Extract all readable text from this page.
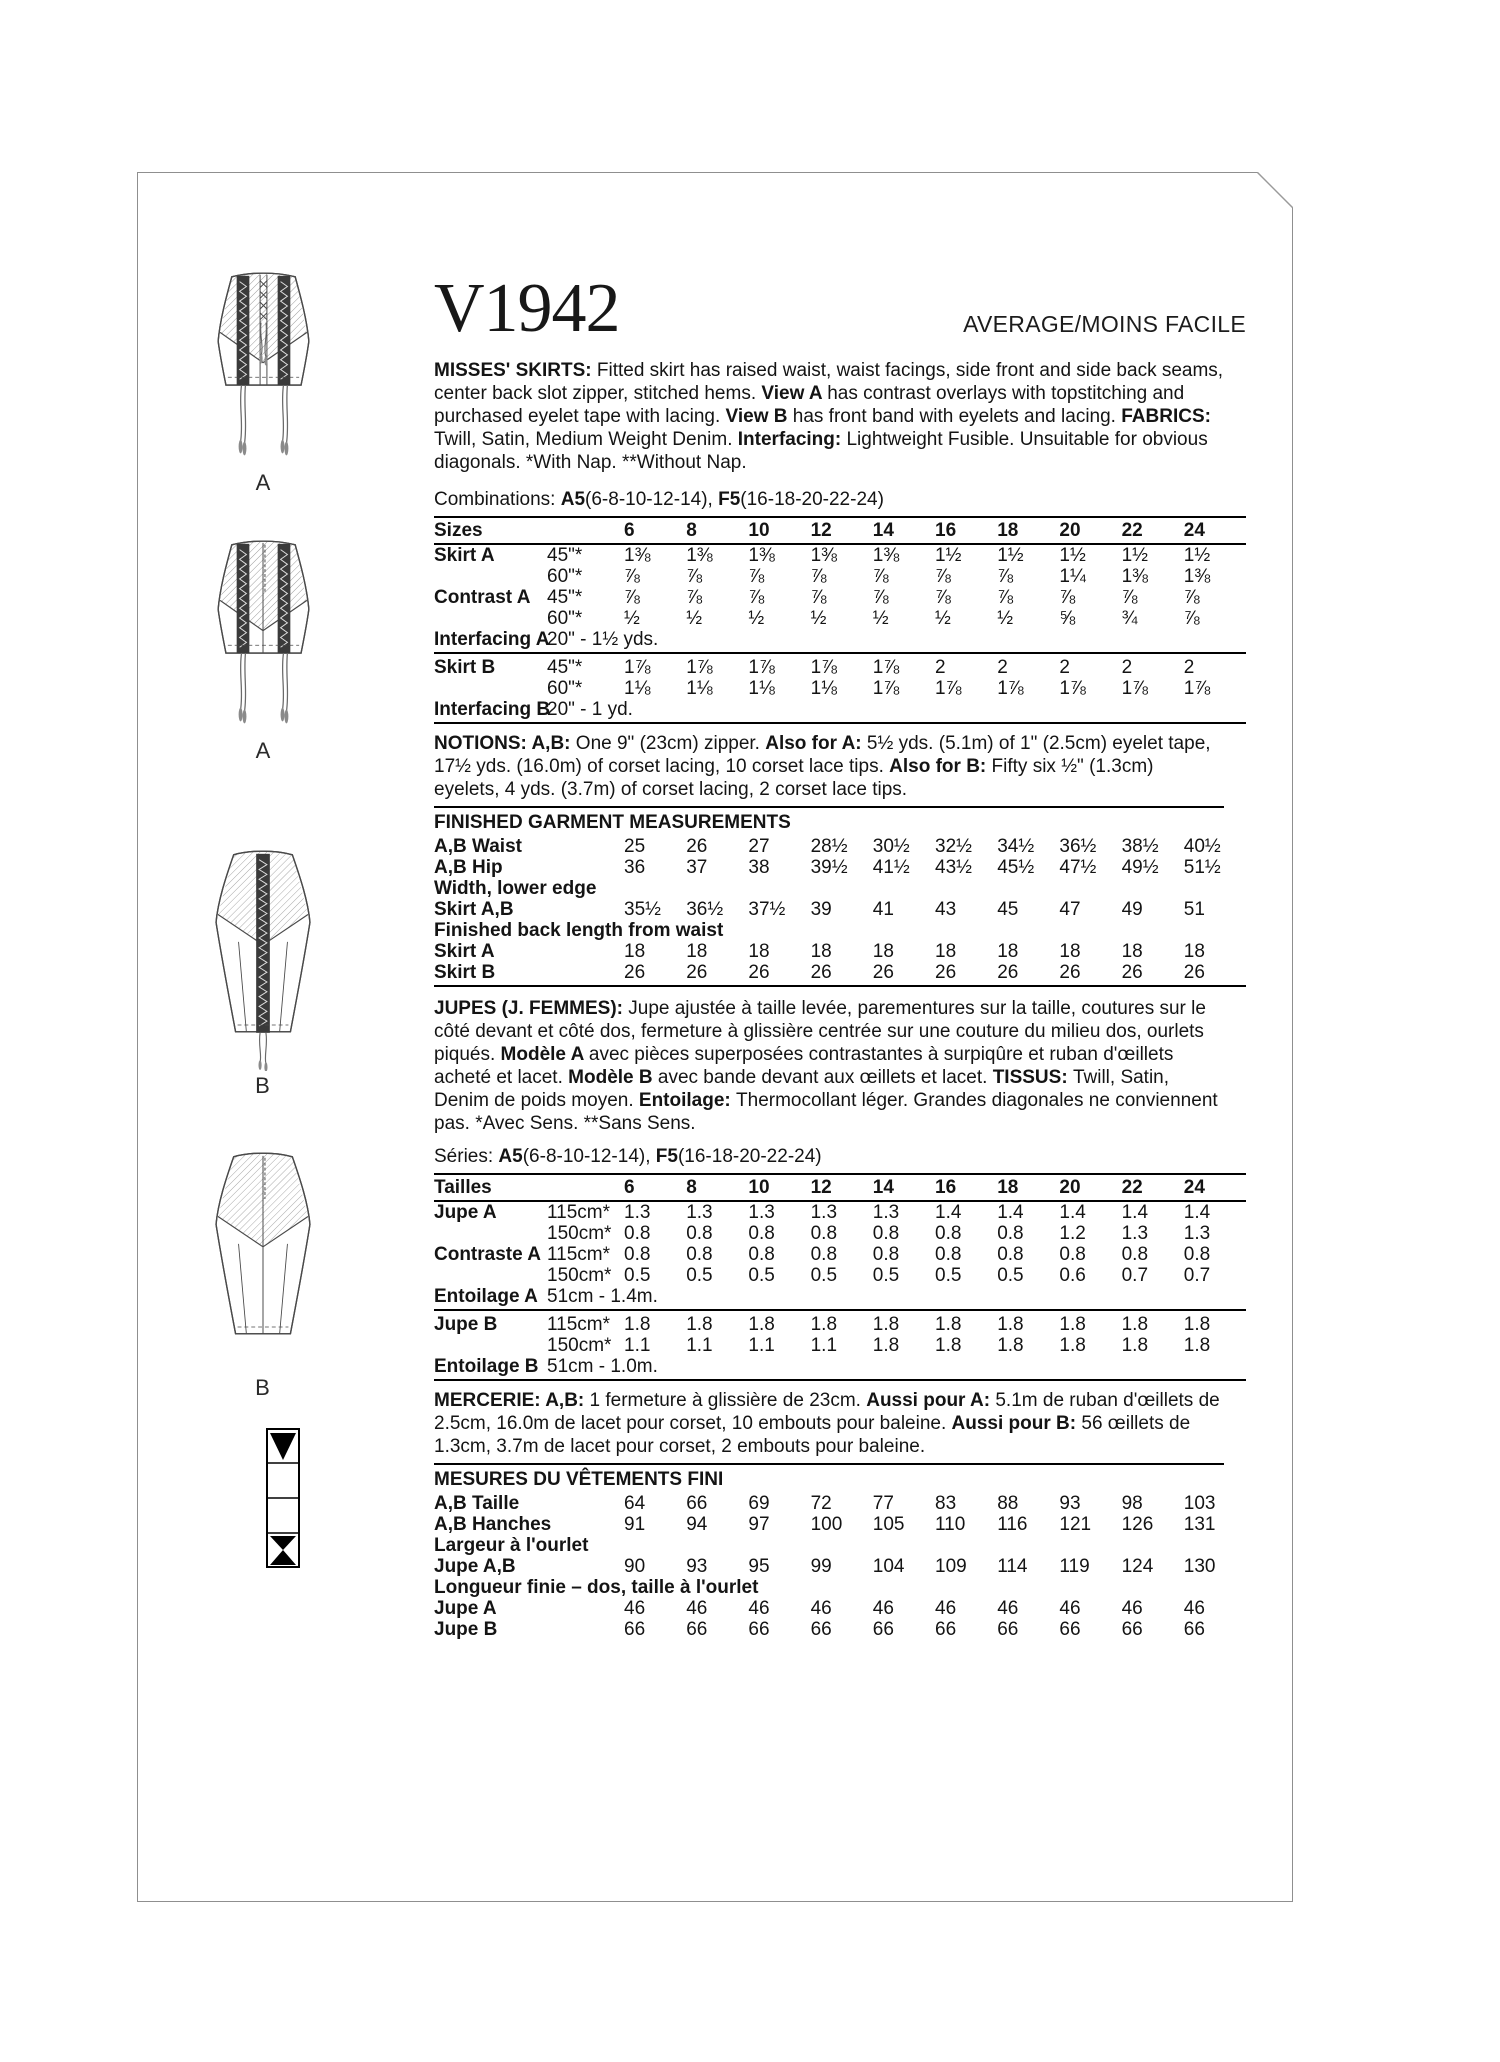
A
A
B
B
V1942	AVERAGE/MOINS FACILE

MISSES' SKIRTS: Fitted skirt has raised waist, waist facings, side front and side back seams, center back slot zipper, stitched hems. View A has contrast overlays with topstitching and purchased eyelet tape with lacing. View B has front band with eyelets and lacing. FABRICS: Twill, Satin, Medium Weight Denim. Interfacing: Lightweight Fusible. Unsuitable for obvious diagonals. *With Nap. **Without Nap.

Combinations: A5(6-8-10-12-14), F5(16-18-20-22-24)

Sizes	6	8	10	12	14	16	18	20	22	24
Skirt A	45"*	1⅜	1⅜	1⅜	1⅜	1⅜	1½	1½	1½	1½	1½
60"*	⅞	⅞	⅞	⅞	⅞	⅞	⅞	1¼	1⅜	1⅜
Contrast A 45"*	⅞	⅞	⅞	⅞	⅞	⅞	⅞	⅞	⅞	⅞
60"*	½	½	½	½	½	½	½	⅝	¾	⅞
Interfacing A
20" - 1½ yds.
Skirt B	45"*	1⅞	1⅞	1⅞	1⅞	1⅞	2	2	2	2	2
60"*	1⅛	1⅛	1⅛	1⅛	1⅞	1⅞	1⅞	1⅞	1⅞	1⅞
Interfacing B
20" - 1 yd.

NOTIONS: A,B: One 9" (23cm) zipper. Also for A: 5½ yds. (5.1m) of 1" (2.5cm) eyelet tape, 17½ yds. (16.0m) of corset lacing, 10 corset lace tips. Also for B: Fifty six ½" (1.3cm) eyelets, 4 yds. (3.7m) of corset lacing, 2 corset lace tips.

FINISHED GARMENT MEASUREMENTS
A,B Waist	25	26	27	28½	30½	32½	34½	36½	38½	40½
A,B Hip	36	37	38	39½	41½	43½	45½	47½	49½	51½
Width, lower edge
Skirt A,B	35½	36½	37½	39	41	43	45	47	49	51
Finished back length from waist
Skirt A	18	18	18	18	18	18	18	18	18	18
Skirt B	26	26	26	26	26	26	26	26	26	26

JUPES (J. FEMMES): Jupe ajustée à taille levée, parementures sur la taille, coutures sur le côté devant et côté dos, fermeture à glissière centrée sur une couture du milieu dos, ourlets piqués. Modèle A avec pièces superposées contrastantes à surpiqûre et ruban d'œillets acheté et lacet. Modèle B avec bande devant aux œillets et lacet. TISSUS: Twill, Satin, Denim de poids moyen. Entoilage: Thermocollant léger. Grandes diagonales ne conviennent pas. *Avec Sens. **Sans Sens.

Séries: A5(6-8-10-12-14), F5(16-18-20-22-24)

Tailles	6	8	10	12	14	16	18	20	22	24
Jupe A	115cm* 1.3	1.3	1.3	1.3	1.3	1.4	1.4	1.4	1.4	1.4
150cm* 0.8	0.8	0.8	0.8	0.8	0.8	0.8	1.2	1.3	1.3
Contraste A 115cm* 0.8	0.8	0.8	0.8	0.8	0.8	0.8	0.8	0.8	0.8
150cm* 0.5	0.5	0.5	0.5	0.5	0.5	0.5	0.6	0.7	0.7
Entoilage A 51cm - 1.4m.
Jupe B	115cm* 1.8	1.8	1.8	1.8	1.8	1.8	1.8	1.8	1.8	1.8
150cm* 1.1	1.1	1.1	1.1	1.8	1.8	1.8	1.8	1.8	1.8
Entoilage B 51cm - 1.0m.

MERCERIE: A,B: 1 fermeture à glissière de 23cm. Aussi pour A: 5.1m de ruban d'œillets de 2.5cm, 16.0m de lacet pour corset, 10 embouts pour baleine. Aussi pour B: 56 œillets de 1.3cm, 3.7m de lacet pour corset, 2 embouts pour baleine.

MESURES DU VÊTEMENTS FINI
A,B Taille	64	66	69	72	77	83	88	93	98	103
A,B Hanches	91	94	97	100	105	110	116	121	126	131
Largeur à l'ourlet
Jupe A,B	90	93	95	99	104	109	114	119	124	130
Longueur finie – dos, taille à l'ourlet
Jupe A	46	46	46	46	46	46	46	46	46	46
Jupe B	66	66	66	66	66	66	66	66	66	66
